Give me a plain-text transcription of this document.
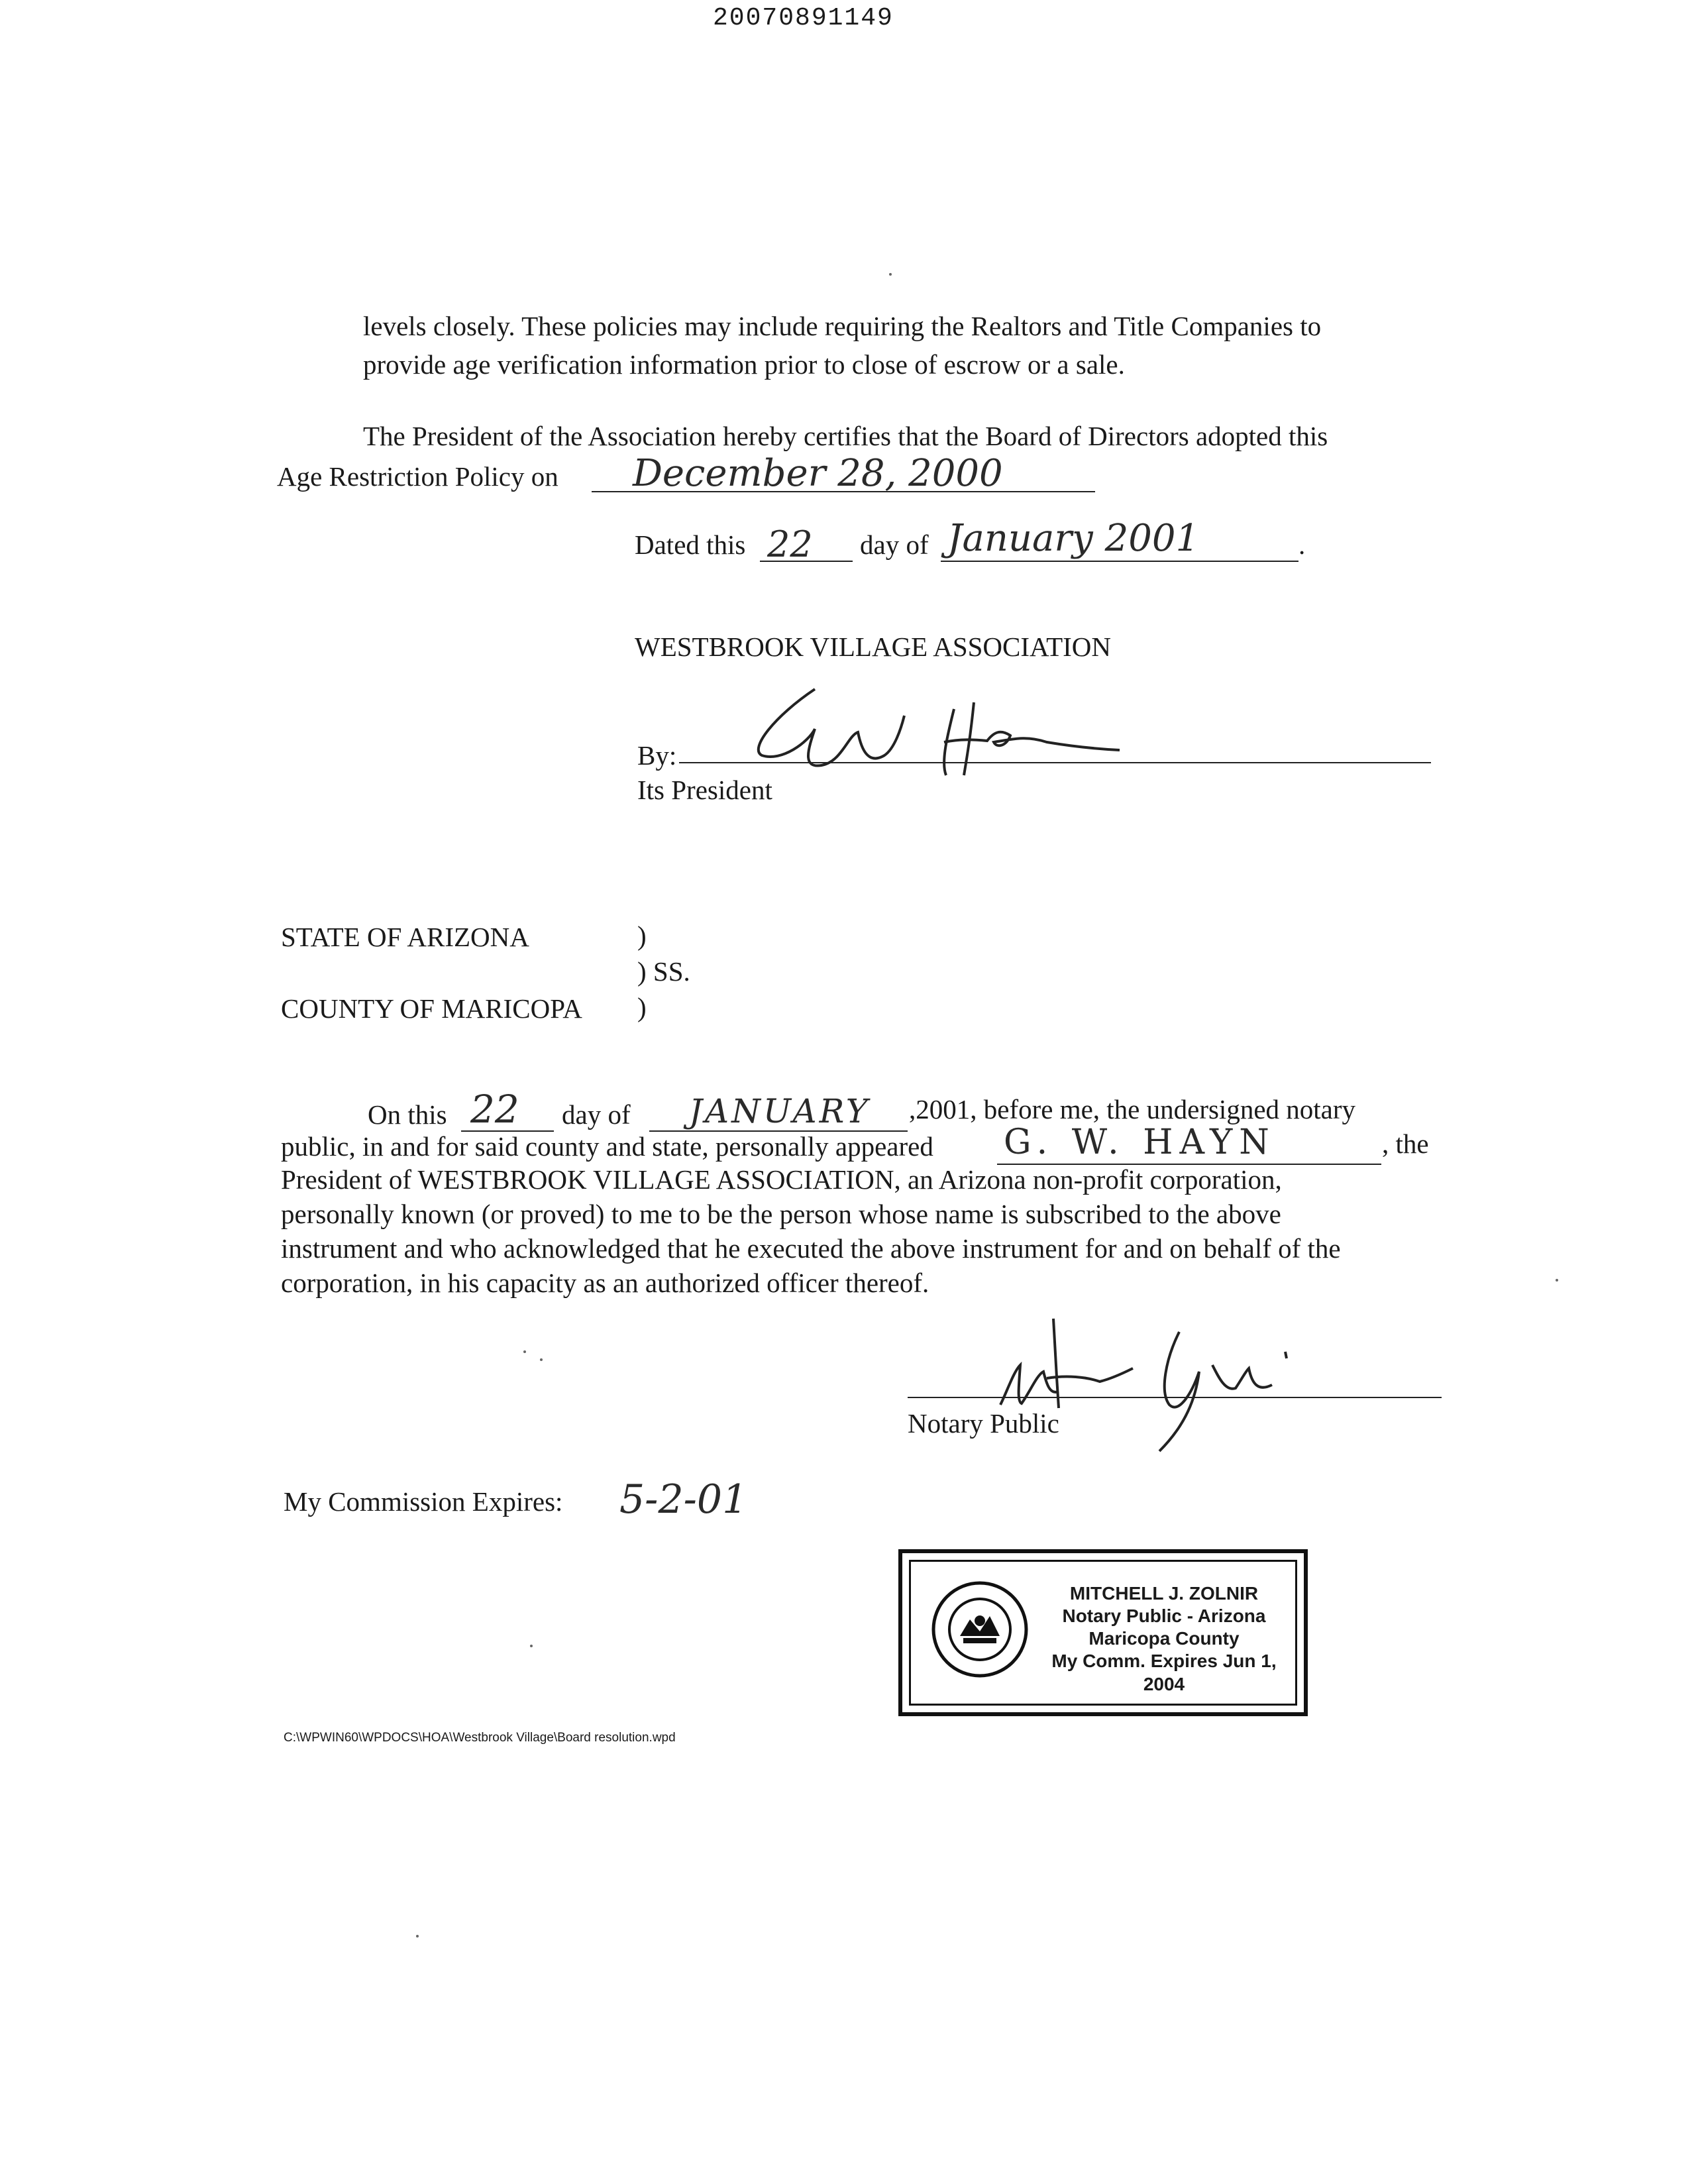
20070891149
levels closely. These policies may include requiring the Realtors and Title Companies to
provide age verification information prior to close of escrow or a sale.
The President of the Association hereby certifies that the Board of Directors adopted this
Age Restriction Policy on December 28, 2000
Dated this 22 day of January 2001	.
WESTBROOK VILLAGE ASSOCIATION
By:
Its President
STATE OF ARIZONA	)
) SS.
COUNTY OF MARICOPA )
On this 22 day of JANUARY ,2001, before me, the undersigned notary
public, in and for said county and state, personally appeared G. W. HAYN	, the
President of WESTBROOK VILLAGE ASSOCIATION, an Arizona non-profit corporation,
personally known (or proved) to me to be the person whose name is subscribed to the above
instrument and who acknowledged that he executed the above instrument for and on behalf of the
corporation, in his capacity as an authorized officer thereof.
Notary Public
My Commission Expires: 5-2-01
MITCHELL J. ZOLNIR
Notary Public - Arizona
Maricopa County
My Comm. Expires Jun 1, 2004
C:\WPWIN60\WPDOCS\HOA\Westbrook Village\Board resolution.wpd
